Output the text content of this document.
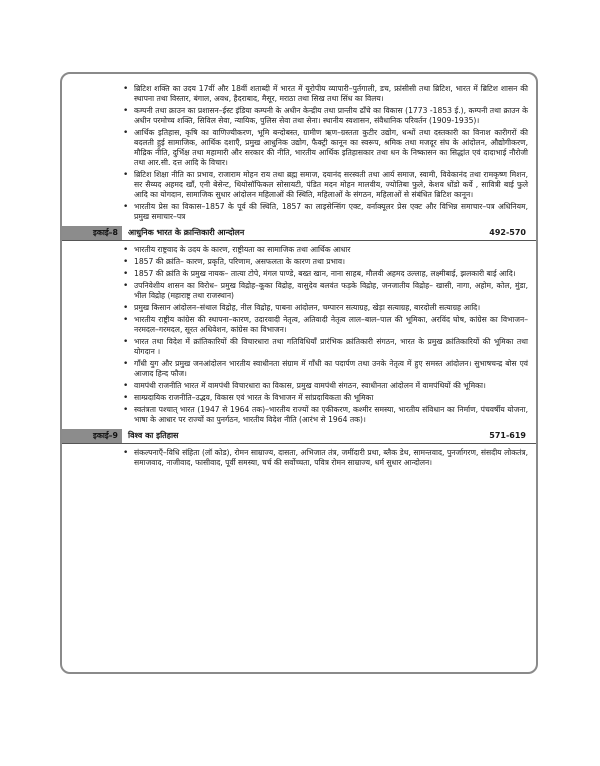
• ब्रिटिश शक्ति का उदय 17वीं और 18वीं शताब्दी में भारत में यूरोपीय व्यापारी–पुर्तगाली, डच, फ्रांसीसी तथा ब्रिटिश, भारत में ब्रिटिश शासन की स्थापना तथा विस्तार, बंगाल, अवध, हैदराबाद, मैसूर, मराठा तथा सिख तथा सिंध का विलय।
• कम्पनी तथा क्राउन का प्रशासन–ईस्ट इंडिया कम्पनी के अधीन केन्द्रीय तथा प्रान्तीय ढाँचे का विकास (1773 -1853 ई.), कम्पनी तथा क्राउन के अधीन परमोच्च शक्ति, सिविल सेवा, न्यायिक, पुलिस सेवा तथा सेना। स्थानीय स्वशासन, संवैधानिक परिवर्तन (1909-1935)।
• आर्थिक इतिहास, कृषि का वाणिज्यीकरण, भूमि बन्दोबस्त, ग्रामीण ऋण–ग्रस्तता कुटीर उद्योग, धन्धों तथा दस्तकारी का विनाश कारीगरों की बदलती हुई सामाजिक, आर्थिक दशाएँ, प्रमुख आधुनिक उद्योग, फैक्ट्री कानून का स्वरूप, श्रमिक तथा मजदूर संघ के आंदोलन, औद्योगीकरण, मौद्रिक नीति, दुर्भिक्ष तथा महामारी और सरकार की नीति, भारतीय आर्थिक इतिहासकार तथा धन के निष्कासन का सिद्धांत एवं दादाभाई नौरोजी तथा आर.सी. दत्त आदि के विचार।
• ब्रिटिश शिक्षा नीति का प्रभाव, राजाराम मोहन राय तथा ब्रह्म समाज, दयानंद सरस्वती तथा आर्य समाज, स्वामी, विवेकानंद तथा रामकृष्ण मिशन, सर सैय्यद अहमद खाँ, एनी बेसेन्ट, थियोसॉफिकल सोसायटी, पंडित मदन मोहन मालवीय, ज्योतिबा फुले, केशव धोंडो कर्वे , सावित्री बाई फुले आदि का योगदान, सामाजिक सुधार आंदोलन महिलाओं की स्थिति, महिलाओं के संगठन, महिलाओं से संबंधित ब्रिटिश कानून।
• भारतीय प्रेस का विकास–1857 के पूर्व की स्थिति, 1857 का लाइसेन्सिंग एक्ट, वर्नाक्यूलर प्रेस एक्ट और विभिन्न समाचार–पत्र अधिनियम, प्रमुख समाचार–पत्र
इकाई–8	आधुनिक भारत के क्रान्तिकारी आन्दोलन	492-570
• भारतीय राष्ट्रवाद के उदय के कारण, राष्ट्रीयता का सामाजिक तथा आर्थिक आधार
• 1857 की क्रांति– कारण, प्रकृति, परिणाम, असफलता के कारण तथा प्रभाव।
• 1857 की क्रांति के प्रमुख नायक– तात्या टोपे, मंगल पाण्डे, बख्त खान, नाना साहब, मौलवी अहमद उल्लाह, लक्ष्मीबाई, झलकारी बाई आदि।
• उपनिवेशीय शासन का विरोध– प्रमुख विद्रोह–कूका विद्रोह, वासुदेव बलवंत फड़के विद्रोह, जनजातीय विद्रोह– खासी, नागा, अहोम, कोल, मुंडा, भील विद्रोह (महाराष्ट्र तथा राजस्थान)
• प्रमुख किसान आंदोलन–संथाल विद्रोह, नील विद्रोह, पाबना आंदोलन, चम्पारन सत्याग्रह, खेड़ा सत्याग्रह, बारदोली सत्याग्रह आदि।
• भारतीय राष्ट्रीय कांग्रेस की स्थापना–कारण, उदारवादी नेतृत्व, अतिवादी नेतृत्व लाल–बाल–पाल की भूमिका, अरविंद घोष, कांग्रेस का विभाजन–नरमदल–गरमदल, सूरत अधिवेशन, कांग्रेस का विभाजन।
• भारत तथा विदेश में क्रांतिकारियों की विचारधारा तथा गतिविधियाँ प्रारंभिक क्रांतिकारी संगठन, भारत के प्रमुख क्रांतिकारियों की भूमिका तथा योगदान ।
• गाँधी युग और प्रमुख जनआंदोलन भारतीय स्वाधीनता संग्राम में गाँधी का पदार्पण तथा उनके नेतृत्व में हुए समस्त आंदोलन। सुभाषचन्द्र बोस एवं आजाद हिन्द फौज।
• वामपंथी राजनीति भारत में वामपंथी विचारधारा का विकास, प्रमुख वामपंथी संगठन, स्वाधीनता आंदोलन में वामपंथियों की भूमिका।
• साम्प्रदायिक राजनीति–उद्भव, विकास एवं भारत के विभाजन में सांप्रदायिकता की भूमिका
• स्वतंत्रता पश्चात् भारत (1947 से 1964 तक)–भारतीय राज्यों का एकीकरण, कश्मीर समस्या, भारतीय संविधान का निर्माण, पंचवर्षीय योजना, भाषा के आधार पर राज्यों का पुनर्गठन, भारतीय विदेश नीति (आरंभ से 1964 तक)।
इकाई–9	विश्व का इतिहास	571-619
• संकल्पनाएँ–विधि संहिता (लॉ कोड), रोमन साम्राज्य, दासता, अभिजात तंत्र, जमींदारी प्रथा, ब्लैक डेथ, सामन्तवाद, पुनर्जागरण, संसदीय लोकतंत्र, समाजवाद, नाजीवाद, फासीवाद, पूर्वी समस्या, चर्च की सर्वोच्चता, पवित्र रोमन साम्राज्य, धर्म सुधार आन्दोलन।
